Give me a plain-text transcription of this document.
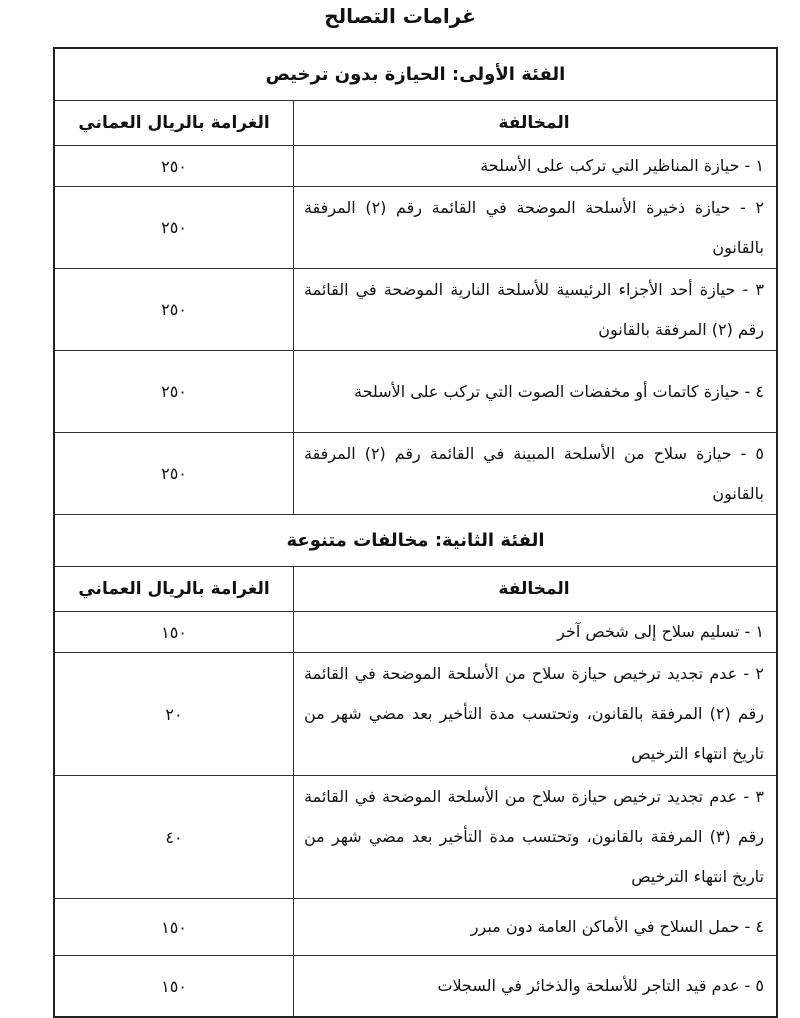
غرامات التصالح
الفئة الأولى: الحيازة بدون ترخيص
المخالفة
الغرامة بالريال العماني
١ - حيازة المناظير التي تركب على الأسلحة
٢٥٠
٢ - حيازة ذخيرة الأسلحة الموضحة في القائمة رقم (٢) المرفقة بالقانون
٢٥٠
٣ - حيازة أحد الأجزاء الرئيسية للأسلحة النارية الموضحة في القائمة رقم (٢) المرفقة بالقانون
٢٥٠
٤ - حيازة كاتمات أو مخفضات الصوت التي تركب على الأسلحة
٢٥٠
٥ - حيازة سلاح من الأسلحة المبينة في القائمة رقم (٢) المرفقة بالقانون
٢٥٠
الفئة الثانية: مخالفات متنوعة
المخالفة
الغرامة بالريال العماني
١ - تسليم سلاح إلى شخص آخر
١٥٠
٢ - عدم تجديد ترخيص حيازة سلاح من الأسلحة الموضحة في القائمة رقم (٢) المرفقة بالقانون، وتحتسب مدة التأخير بعد مضي شهر من تاريخ انتهاء الترخيص
٢٠
٣ - عدم تجديد ترخيص حيازة سلاح من الأسلحة الموضحة في القائمة رقم (٣) المرفقة بالقانون، وتحتسب مدة التأخير بعد مضي شهر من تاريخ انتهاء الترخيص
٤٠
٤ - حمل السلاح في الأماكن العامة دون مبرر
١٥٠
٥ - عدم قيد التاجر للأسلحة والذخائر في السجلات
١٥٠
